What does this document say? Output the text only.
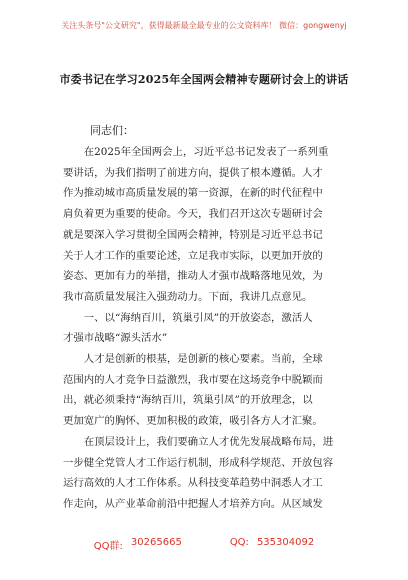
关注头条号"公文研究"，获得最新最全最专业的公文资料库！ 微信：gongwenyj
市委书记在学习2025年全国两会精神专题研讨会上的讲话
同志们：
　　在2025年全国两会上，习近平总书记发表了一系列重
要讲话，为我们指明了前进方向，提供了根本遵循。人才
作为推动城市高质量发展的第一资源，在新的时代征程中
肩负着更为重要的使命。今天，我们召开这次专题研讨会
就是要深入学习贯彻全国两会精神，特别是习近平总书记
关于人才工作的重要论述，立足我市实际，以更加开放的
姿态、更加有力的举措，推动人才强市战略落地见效，为
我市高质量发展注入强劲动力。下面，我讲几点意见。
　　一、以“海纳百川，筑巢引凤”的开放姿态，激活人
才强市战略“源头活水”
　　人才是创新的根基，是创新的核心要素。当前，全球
范围内的人才竞争日益激烈，我市要在这场竞争中脱颖而
出，就必须秉持“海纳百川，筑巢引凤”的开放理念，以
更加宽广的胸怀、更加积极的政策，吸引各方人才汇聚。
　　在顶层设计上，我们要确立人才优先发展战略布局，进
一步健全党管人才工作运行机制，形成科学规范、开放包容
运行高效的人才工作体系。从科技变革趋势中洞悉人才工
作走向，从产业革命前沿中把握人才培养方向。从区域发
QQ群: 30265665	QQ: 535304092
